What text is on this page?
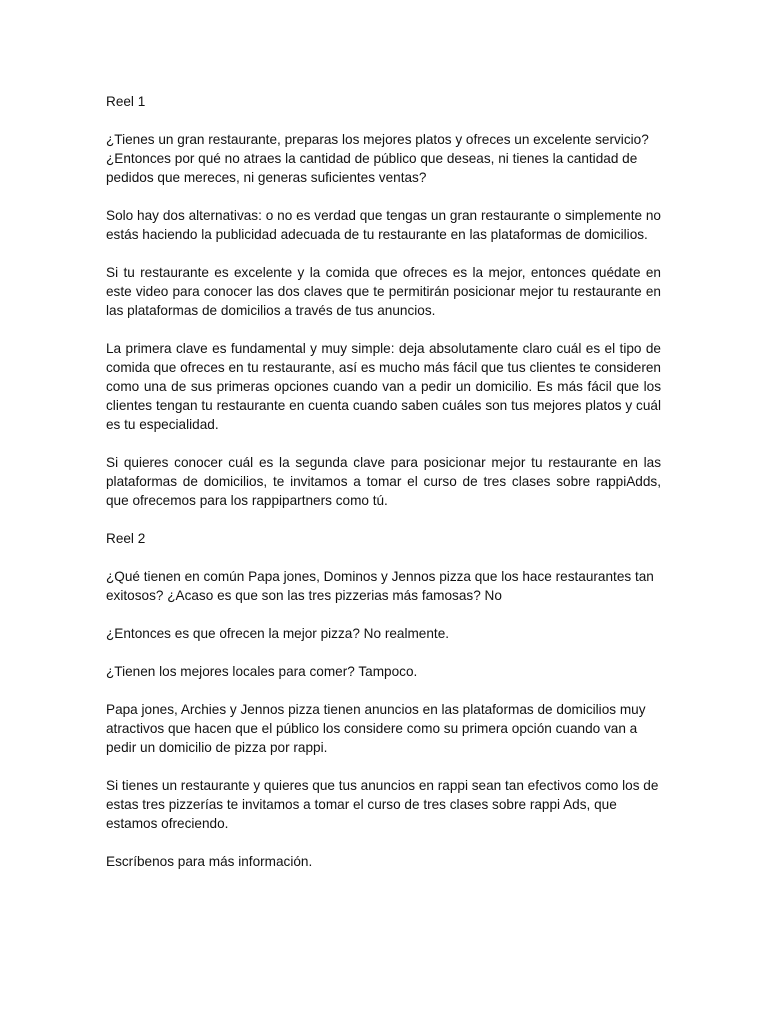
Reel 1

¿Tienes un gran restaurante, preparas los mejores platos y ofreces un excelente servicio? ¿Entonces por qué no atraes la cantidad de público que deseas, ni tienes la cantidad de pedidos que mereces, ni generas suficientes ventas?

Solo hay dos alternativas: o no es verdad que tengas un gran restaurante o simplemente no estás haciendo la publicidad adecuada de tu restaurante en las plataformas de domicilios.

Si tu restaurante es excelente y la comida que ofreces es la mejor, entonces quédate en este video para conocer las dos claves que te permitirán posicionar mejor tu restaurante en las plataformas de domicilios a través de tus anuncios.

La primera clave es fundamental y muy simple: deja absolutamente claro cuál es el tipo de comida que ofreces en tu restaurante, así es mucho más fácil que tus clientes te consideren como una de sus primeras opciones cuando van a pedir un domicilio. Es más fácil que los clientes tengan tu restaurante en cuenta cuando saben cuáles son tus mejores platos y cuál es tu especialidad.

Si quieres conocer cuál es la segunda clave para posicionar mejor tu restaurante en las plataformas de domicilios, te invitamos a tomar el curso de tres clases sobre rappiAdds, que ofrecemos para los rappipartners como tú.

Reel 2

¿Qué tienen en común Papa jones, Dominos y Jennos pizza que los hace restaurantes tan exitosos? ¿Acaso es que son las tres pizzerias más famosas? No

¿Entonces es que ofrecen la mejor pizza? No realmente.

¿Tienen los mejores locales para comer? Tampoco.

Papa jones, Archies y Jennos pizza tienen anuncios en las plataformas de domicilios muy atractivos que hacen que el público los considere como su primera opción cuando van a pedir un domicilio de pizza por rappi.

Si tienes un restaurante y quieres que tus anuncios en rappi sean tan efectivos como los de estas tres pizzerías te invitamos a tomar el curso de tres clases sobre rappi Ads, que estamos ofreciendo.

Escríbenos para más información.
